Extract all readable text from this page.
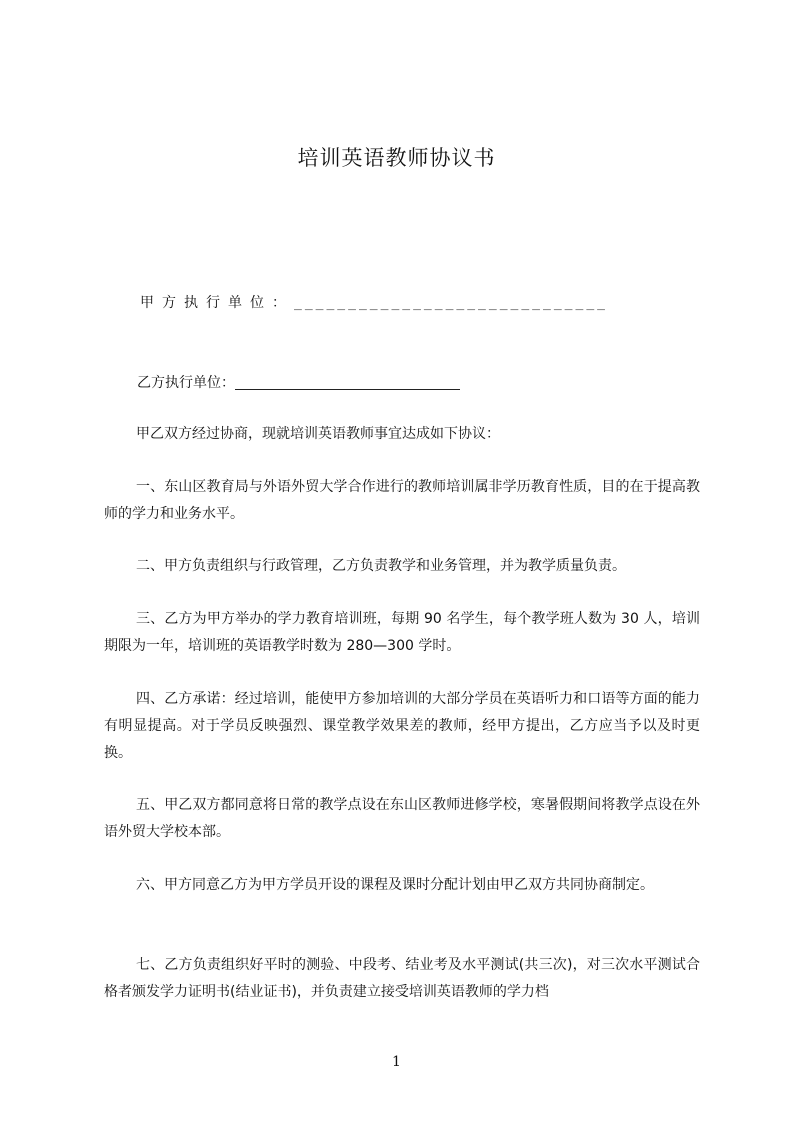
培训英语教师协议书
甲方执行单位：_____________________________
乙方执行单位：

甲乙双方经过协商，现就培训英语教师事宜达成如下协议：

一、东山区教育局与外语外贸大学合作进行的教师培训属非学历教育性质，目的在于提高教师的学力和业务水平。

二、甲方负责组织与行政管理，乙方负责教学和业务管理，并为教学质量负责。

三、乙方为甲方举办的学力教育培训班，每期 90 名学生，每个教学班人数为 30 人，培训期限为一年，培训班的英语教学时数为 280—300 学时。

四、乙方承诺：经过培训，能使甲方参加培训的大部分学员在英语听力和口语等方面的能力有明显提高。对于学员反映强烈、课堂教学效果差的教师，经甲方提出，乙方应当予以及时更换。

五、甲乙双方都同意将日常的教学点设在东山区教师进修学校，寒暑假期间将教学点设在外语外贸大学校本部。

六、甲方同意乙方为甲方学员开设的课程及课时分配计划由甲乙双方共同协商制定。

七、乙方负责组织好平时的测验、中段考、结业考及水平测试(共三次)，对三次水平测试合格者颁发学力证明书(结业证书)，并负责建立接受培训英语教师的学力档

1
